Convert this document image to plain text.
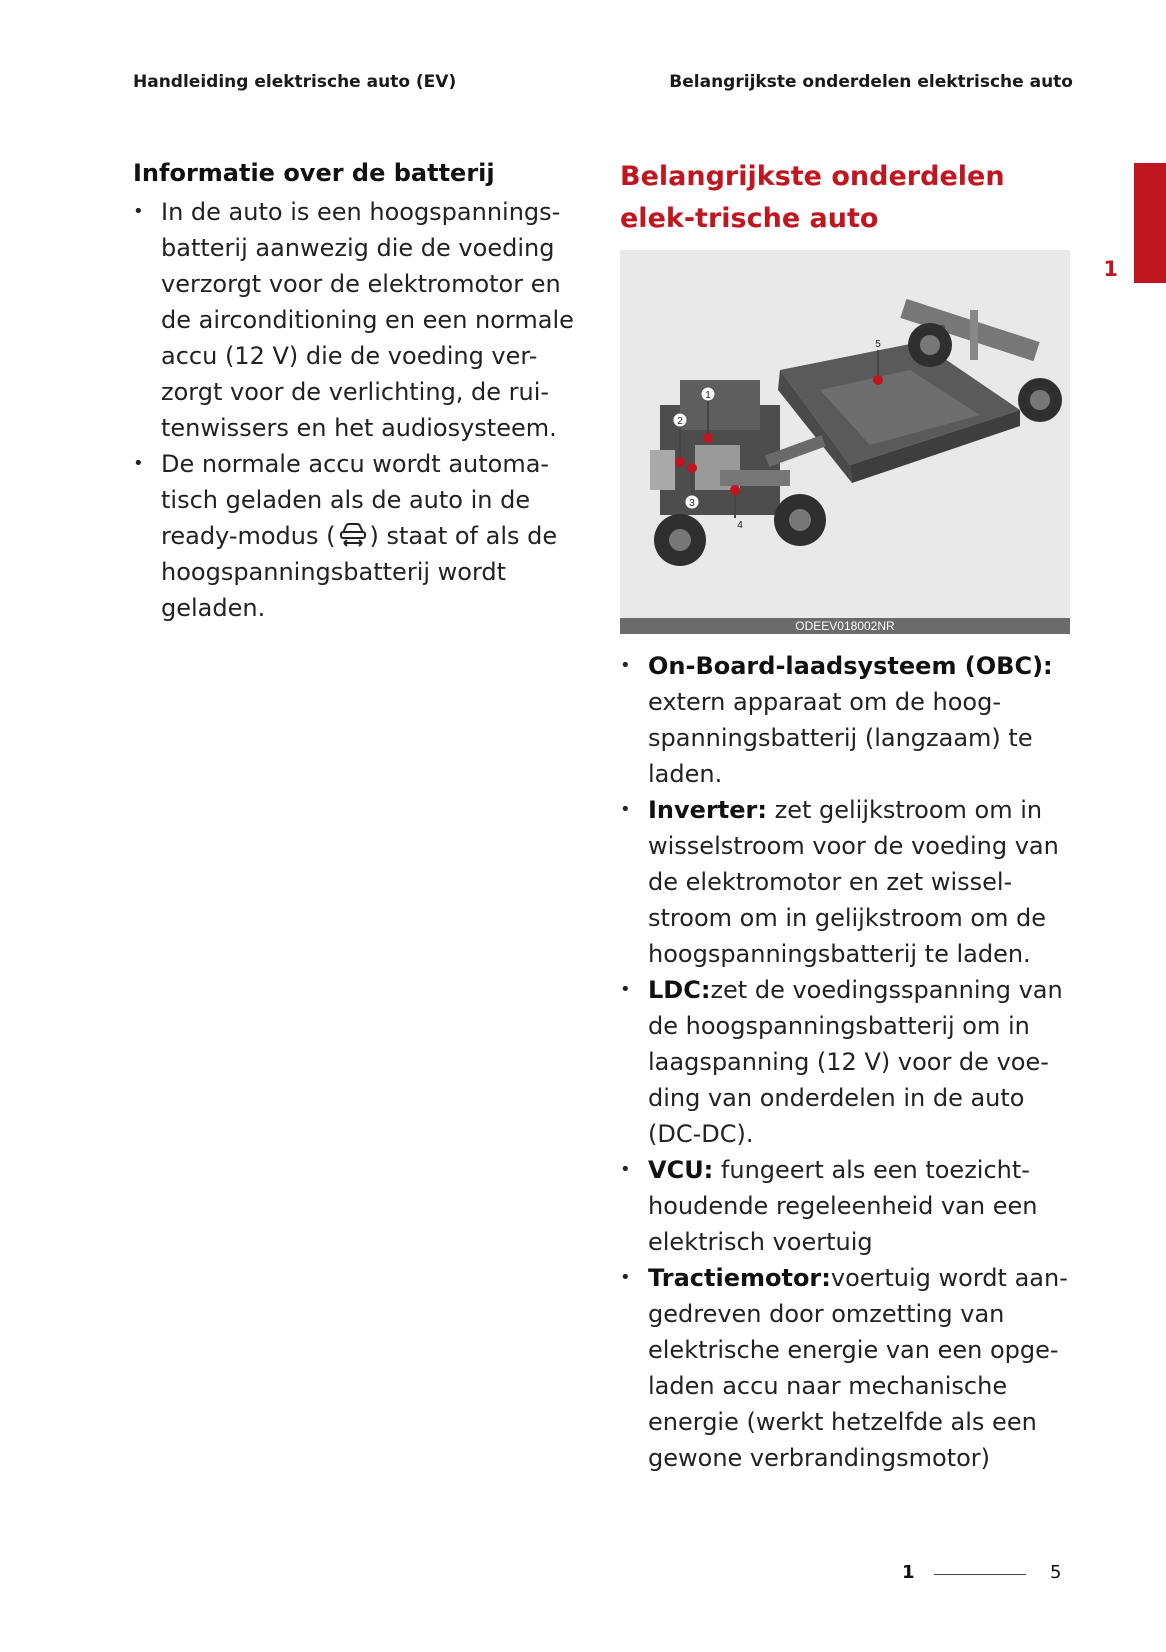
Handleiding elektrische auto (EV)	Belangrijkste onderdelen elektrische auto
1
Informatie over de batterij
• In de auto is een hoogspannings-batterij aanwezig die de voeding verzorgt voor de elektromotor en de airconditioning en een normale accu (12 V) die de voeding ver-zorgt voor de verlichting, de rui-tenwissers en het audiosysteem.
• De normale accu wordt automa-tisch geladen als de auto in de ready-modus ( ) staat of als de hoogspanningsbatterij wordt geladen.
Belangrijkste onderdelen elek-trische auto
1
2
3
4
5
ODEEV018002NR
• On-Board-laadsysteem (OBC): extern apparaat om de hoog-spanningsbatterij (langzaam) te laden.
• Inverter: zet gelijkstroom om in wisselstroom voor de voeding van de elektromotor en zet wissel-stroom om in gelijkstroom om de hoogspanningsbatterij te laden.
• LDC:zet de voedingsspanning van de hoogspanningsbatterij om in laagspanning (12 V) voor de voe-ding van onderdelen in de auto (DC-DC).
• VCU: fungeert als een toezicht-houdende regeleenheid van een elektrisch voertuig
• Tractiemotor:voertuig wordt aan-gedreven door omzetting van elektrische energie van een opge-laden accu naar mechanische energie (werkt hetzelfde als een gewone verbrandingsmotor)
1	5
